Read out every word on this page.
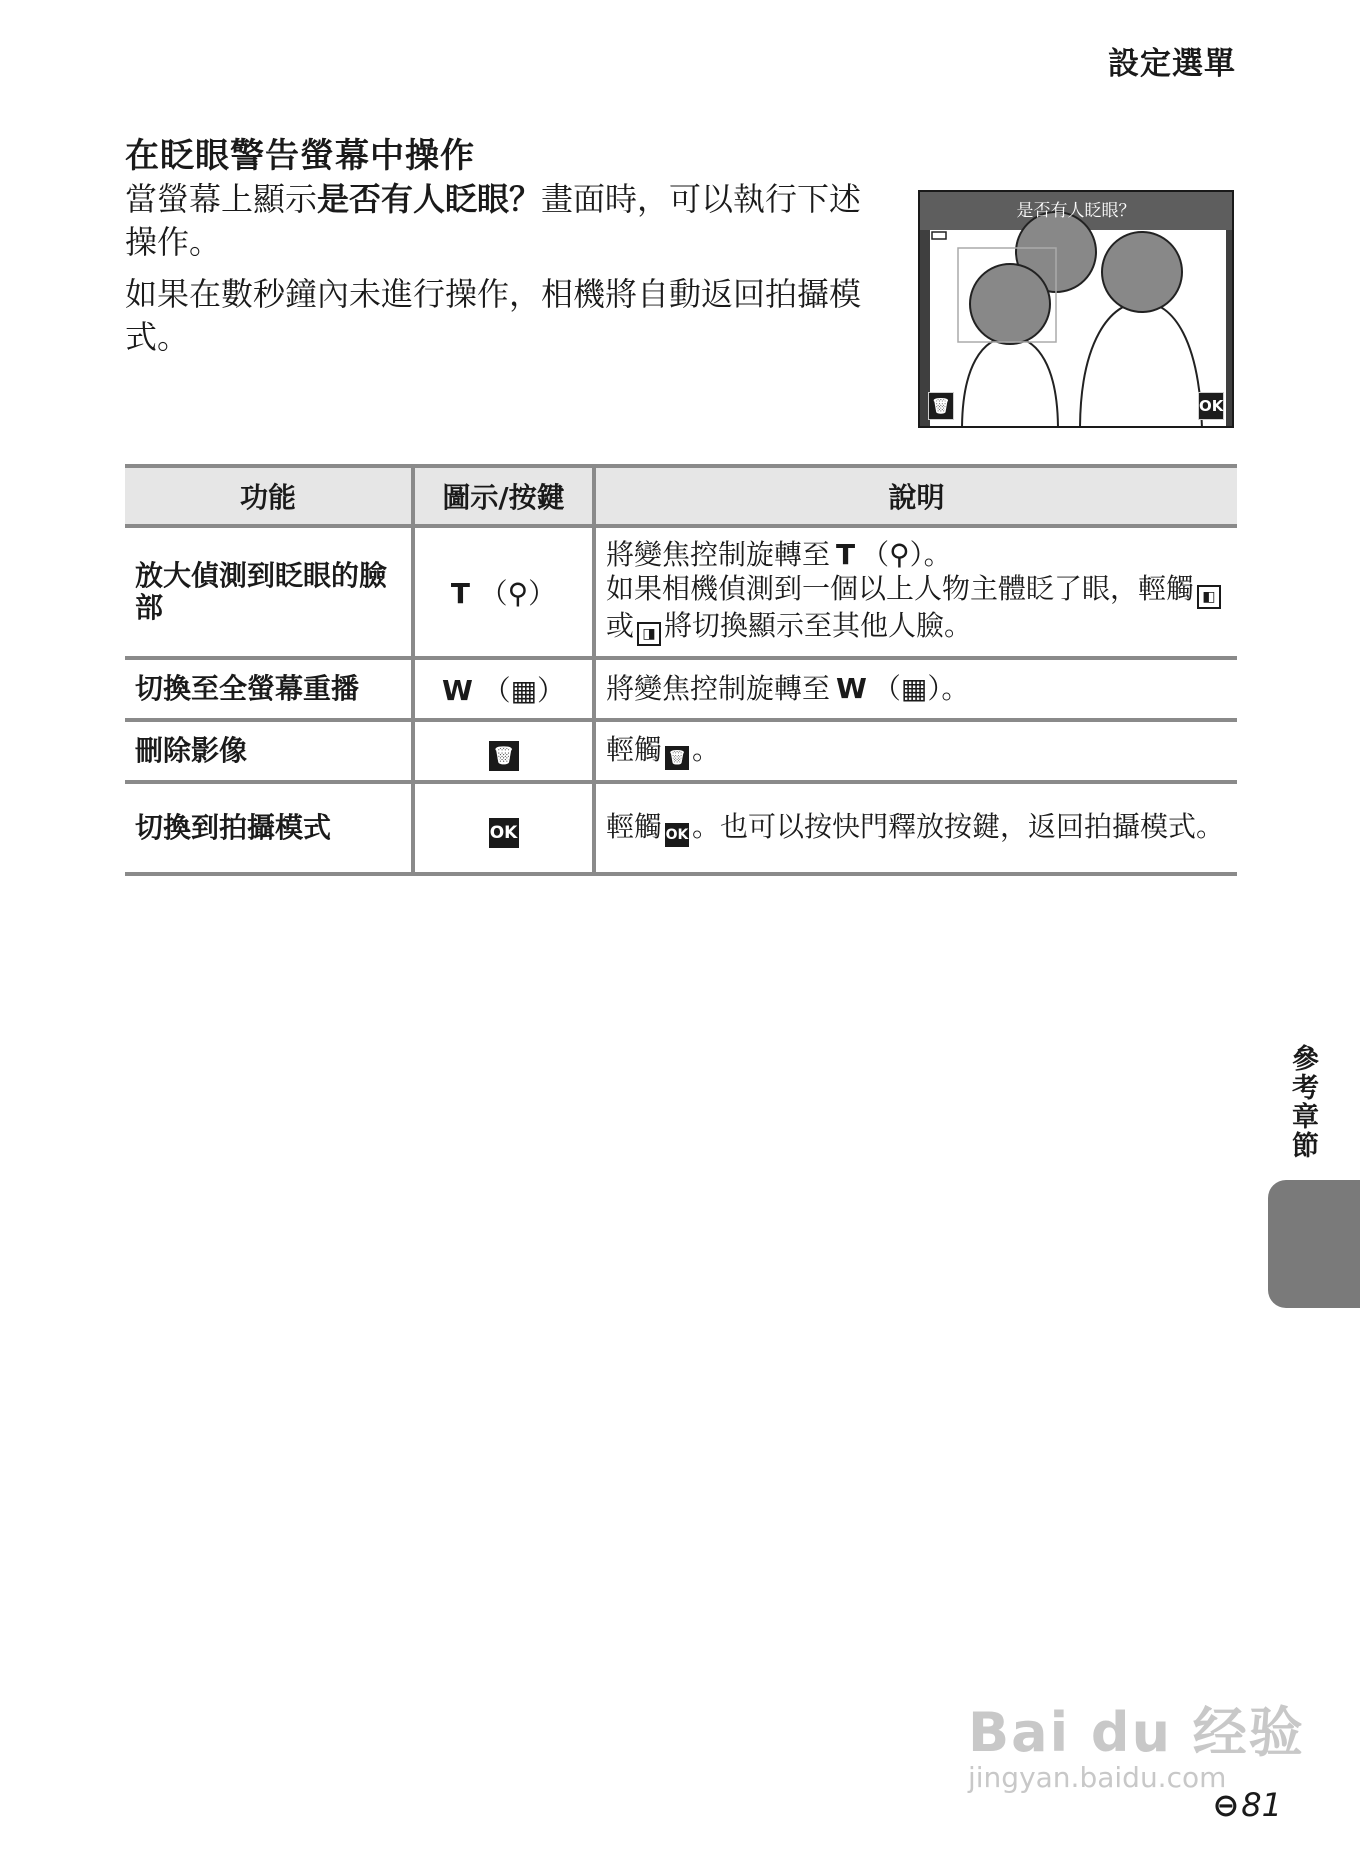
設定選單
在眨眼警告螢幕中操作

當螢幕上顯示是否有人眨眼？畫面時，可以執行下述操作。

如果在數秒鐘內未進行操作，相機將自動返回拍攝模式。

是否有人眨眼？
🗑	OK
功能	圖示/按鍵	說明
放大偵測到眨眼的臉部	T （⚲）	將變焦控制旋轉至 T （⚲）。
如果相機偵測到一個以上人物主體眨了眼，輕觸 ◧或 ◨ 將切換顯示至其他人臉。
切換至全螢幕重播	W （▦）	將變焦控制旋轉至 W （▦）。
刪除影像	🗑	輕觸 🗑 。
切換到拍攝模式	OK	輕觸 OK 。也可以按快門釋放按鍵，返回拍攝模式。
參考章節
Bai du 经验
jingyan.baidu.com
⊖81
